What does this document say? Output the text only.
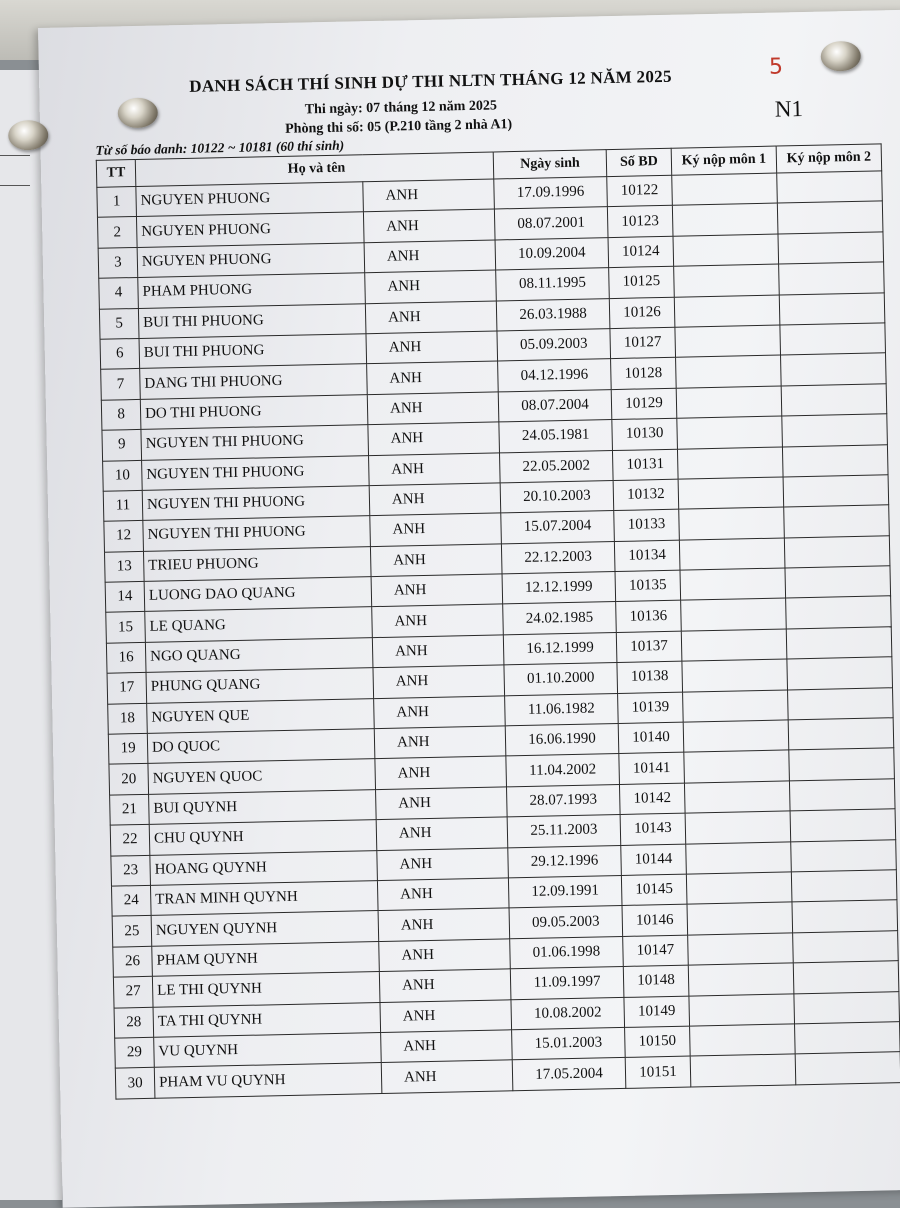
5
DANH SÁCH THÍ SINH DỰ THI NLTN THÁNG 12 NĂM 2025
Thi ngày: 07 tháng 12 năm 2025
Phòng thi số: 05 (P.210 tầng 2 nhà A1)
N1
Từ số báo danh: 10122 ~ 10181 (60 thí sinh)
TT	Họ và tên		Ngày sinh	Số BD	Ký nộp môn 1	Ký nộp môn 2
1	NGUYEN PHUONG	ANH	17.09.1996	10122		
2	NGUYEN PHUONG	ANH	08.07.2001	10123		
3	NGUYEN PHUONG	ANH	10.09.2004	10124		
4	PHAM PHUONG	ANH	08.11.1995	10125		
5	BUI THI PHUONG	ANH	26.03.1988	10126		
6	BUI THI PHUONG	ANH	05.09.2003	10127		
7	DANG THI PHUONG	ANH	04.12.1996	10128		
8	DO THI PHUONG	ANH	08.07.2004	10129		
9	NGUYEN THI PHUONG	ANH	24.05.1981	10130		
10	NGUYEN THI PHUONG	ANH	22.05.2002	10131		
11	NGUYEN THI PHUONG	ANH	20.10.2003	10132		
12	NGUYEN THI PHUONG	ANH	15.07.2004	10133		
13	TRIEU PHUONG	ANH	22.12.2003	10134		
14	LUONG DAO QUANG	ANH	12.12.1999	10135		
15	LE QUANG	ANH	24.02.1985	10136		
16	NGO QUANG	ANH	16.12.1999	10137		
17	PHUNG QUANG	ANH	01.10.2000	10138		
18	NGUYEN QUE	ANH	11.06.1982	10139		
19	DO QUOC	ANH	16.06.1990	10140		
20	NGUYEN QUOC	ANH	11.04.2002	10141		
21	BUI QUYNH	ANH	28.07.1993	10142		
22	CHU QUYNH	ANH	25.11.2003	10143		
23	HOANG QUYNH	ANH	29.12.1996	10144		
24	TRAN MINH QUYNH	ANH	12.09.1991	10145		
25	NGUYEN QUYNH	ANH	09.05.2003	10146		
26	PHAM QUYNH	ANH	01.06.1998	10147		
27	LE THI QUYNH	ANH	11.09.1997	10148		
28	TA THI QUYNH	ANH	10.08.2002	10149		
29	VU QUYNH	ANH	15.01.2003	10150		
30	PHAM VU QUYNH	ANH	17.05.2004	10151		
